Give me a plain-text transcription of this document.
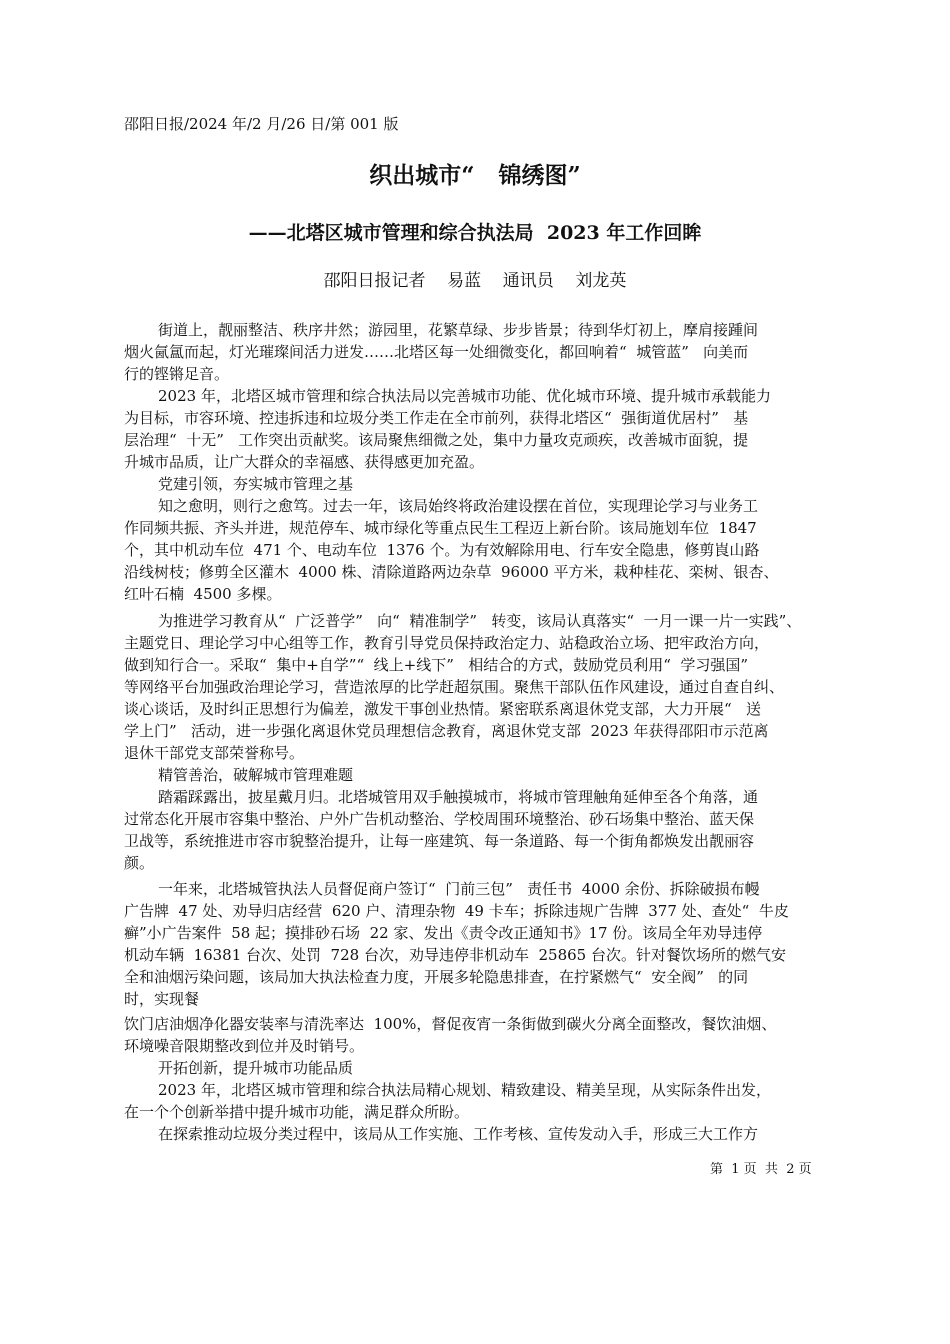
邵阳日报/2024 年/2 月/26 日/第 001 版
织出城市“   锦绣图”
——北塔区城市管理和综合执法局  2023 年工作回眸
邵阳日报记者    易蓝    通讯员    刘龙英
街道上，靓丽整洁、秩序井然；游园里，花繁草绿、步步皆景；待到华灯初上，摩肩接踵间
烟火氤氲而起，灯光璀璨间活力迸发……北塔区每一处细微变化，都回响着“  城管蓝”   向美而
行的铿锵足音。
2023 年，北塔区城市管理和综合执法局以完善城市功能、优化城市环境、提升城市承载能力
为目标，市容环境、控违拆违和垃圾分类工作走在全市前列，获得北塔区“  强街道优居村”   基
层治理“  十无”   工作突出贡献奖。该局聚焦细微之处，集中力量攻克顽疾，改善城市面貌，提
升城市品质，让广大群众的幸福感、获得感更加充盈。
党建引领，夯实城市管理之基
知之愈明，则行之愈笃。过去一年，该局始终将政治建设摆在首位，实现理论学习与业务工
作同频共振、齐头并进，规范停车、城市绿化等重点民生工程迈上新台阶。该局施划车位  1847
个，其中机动车位  471 个、电动车位  1376 个。为有效解除用电、行车安全隐患，修剪崀山路
沿线树枝；修剪全区灌木  4000 株、清除道路两边杂草  96000 平方米，栽种桂花、栾树、银杏、
红叶石楠  4500 多棵。
为推进学习教育从“  广泛普学”   向“  精准制学”   转变，该局认真落实“  一月一课一片一实践”、
主题党日、理论学习中心组等工作，教育引导党员保持政治定力、站稳政治立场、把牢政治方向，
做到知行合一。采取“  集中+自学”“  线上+线下”   相结合的方式，鼓励党员利用“  学习强国”
等网络平台加强政治理论学习，营造浓厚的比学赶超氛围。聚焦干部队伍作风建设，通过自查自纠、
谈心谈话，及时纠正思想行为偏差，激发干事创业热情。紧密联系离退休党支部，大力开展“   送
学上门”   活动，进一步强化离退休党员理想信念教育，离退休党支部  2023 年获得邵阳市示范离
退休干部党支部荣誉称号。
精管善治，破解城市管理难题
踏霜踩露出，披星戴月归。北塔城管用双手触摸城市，将城市管理触角延伸至各个角落，通
过常态化开展市容集中整治、户外广告机动整治、学校周围环境整治、砂石场集中整治、蓝天保
卫战等，系统推进市容市貌整治提升，让每一座建筑、每一条道路、每一个街角都焕发出靓丽容
颜。
一年来，北塔城管执法人员督促商户签订“  门前三包”   责任书  4000 余份、拆除破损布幔
广告牌  47 处、劝导归店经营  620 户、清理杂物  49 卡车；拆除违规广告牌  377 处、查处“  牛皮
癣”小广告案件  58 起；摸排砂石场  22 家、发出《责令改正通知书》17 份。该局全年劝导违停
机动车辆  16381 台次、处罚  728 台次，劝导违停非机动车  25865 台次。针对餐饮场所的燃气安
全和油烟污染问题，该局加大执法检查力度，开展多轮隐患排查，在拧紧燃气“  安全阀”   的同
时，实现餐
饮门店油烟净化器安装率与清洗率达  100%，督促夜宵一条街做到碳火分离全面整改，餐饮油烟、
环境噪音限期整改到位并及时销号。
开拓创新，提升城市功能品质
2023 年，北塔区城市管理和综合执法局精心规划、精致建设、精美呈现，从实际条件出发，
在一个个创新举措中提升城市功能，满足群众所盼。
在探索推动垃圾分类过程中，该局从工作实施、工作考核、宣传发动入手，形成三大工作方
第  1 页  共  2 页
